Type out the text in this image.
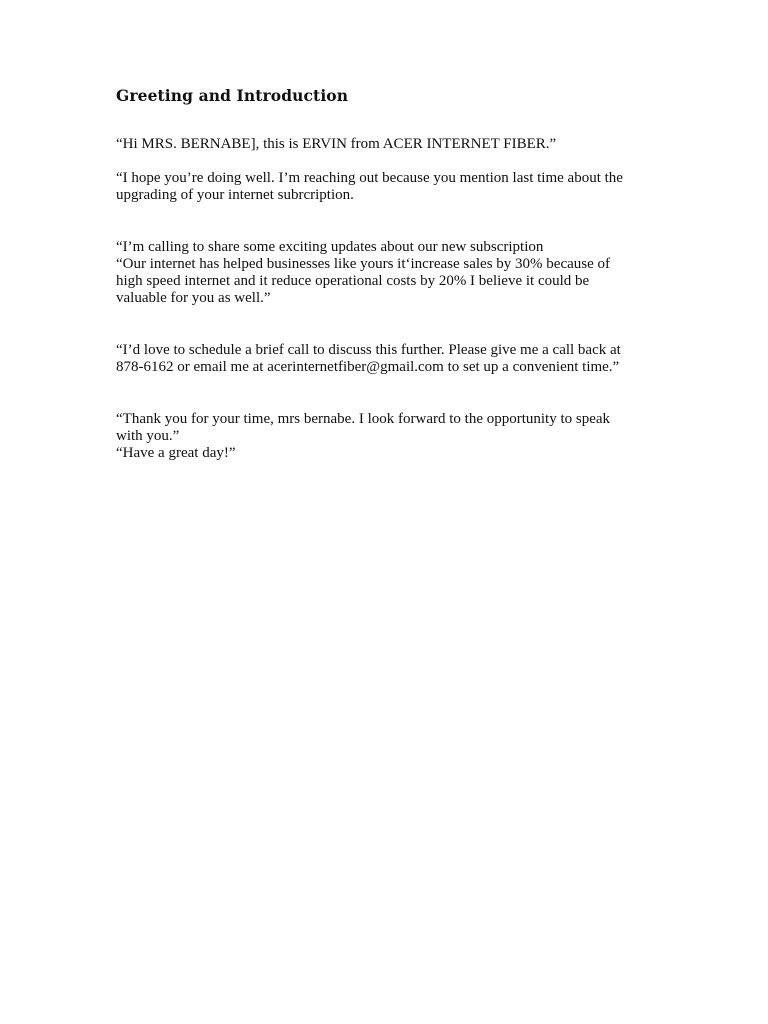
Greeting and Introduction

“Hi MRS. BERNABE], this is ERVIN from ACER INTERNET FIBER.”

“I hope you’re doing well. I’m reaching out because you mention last time about the
upgrading of your internet subrcription.

“I’m calling to share some exciting updates about our new subscription
“Our internet has helped businesses like yours it‘increase sales by 30% because of
high speed internet and it reduce operational costs by 20% I believe it could be
valuable for you as well.”

“I’d love to schedule a brief call to discuss this further. Please give me a call back at
878-6162 or email me at acerinternetfiber@gmail.com to set up a convenient time.”

“Thank you for your time, mrs bernabe. I look forward to the opportunity to speak
with you.”
“Have a great day!”
